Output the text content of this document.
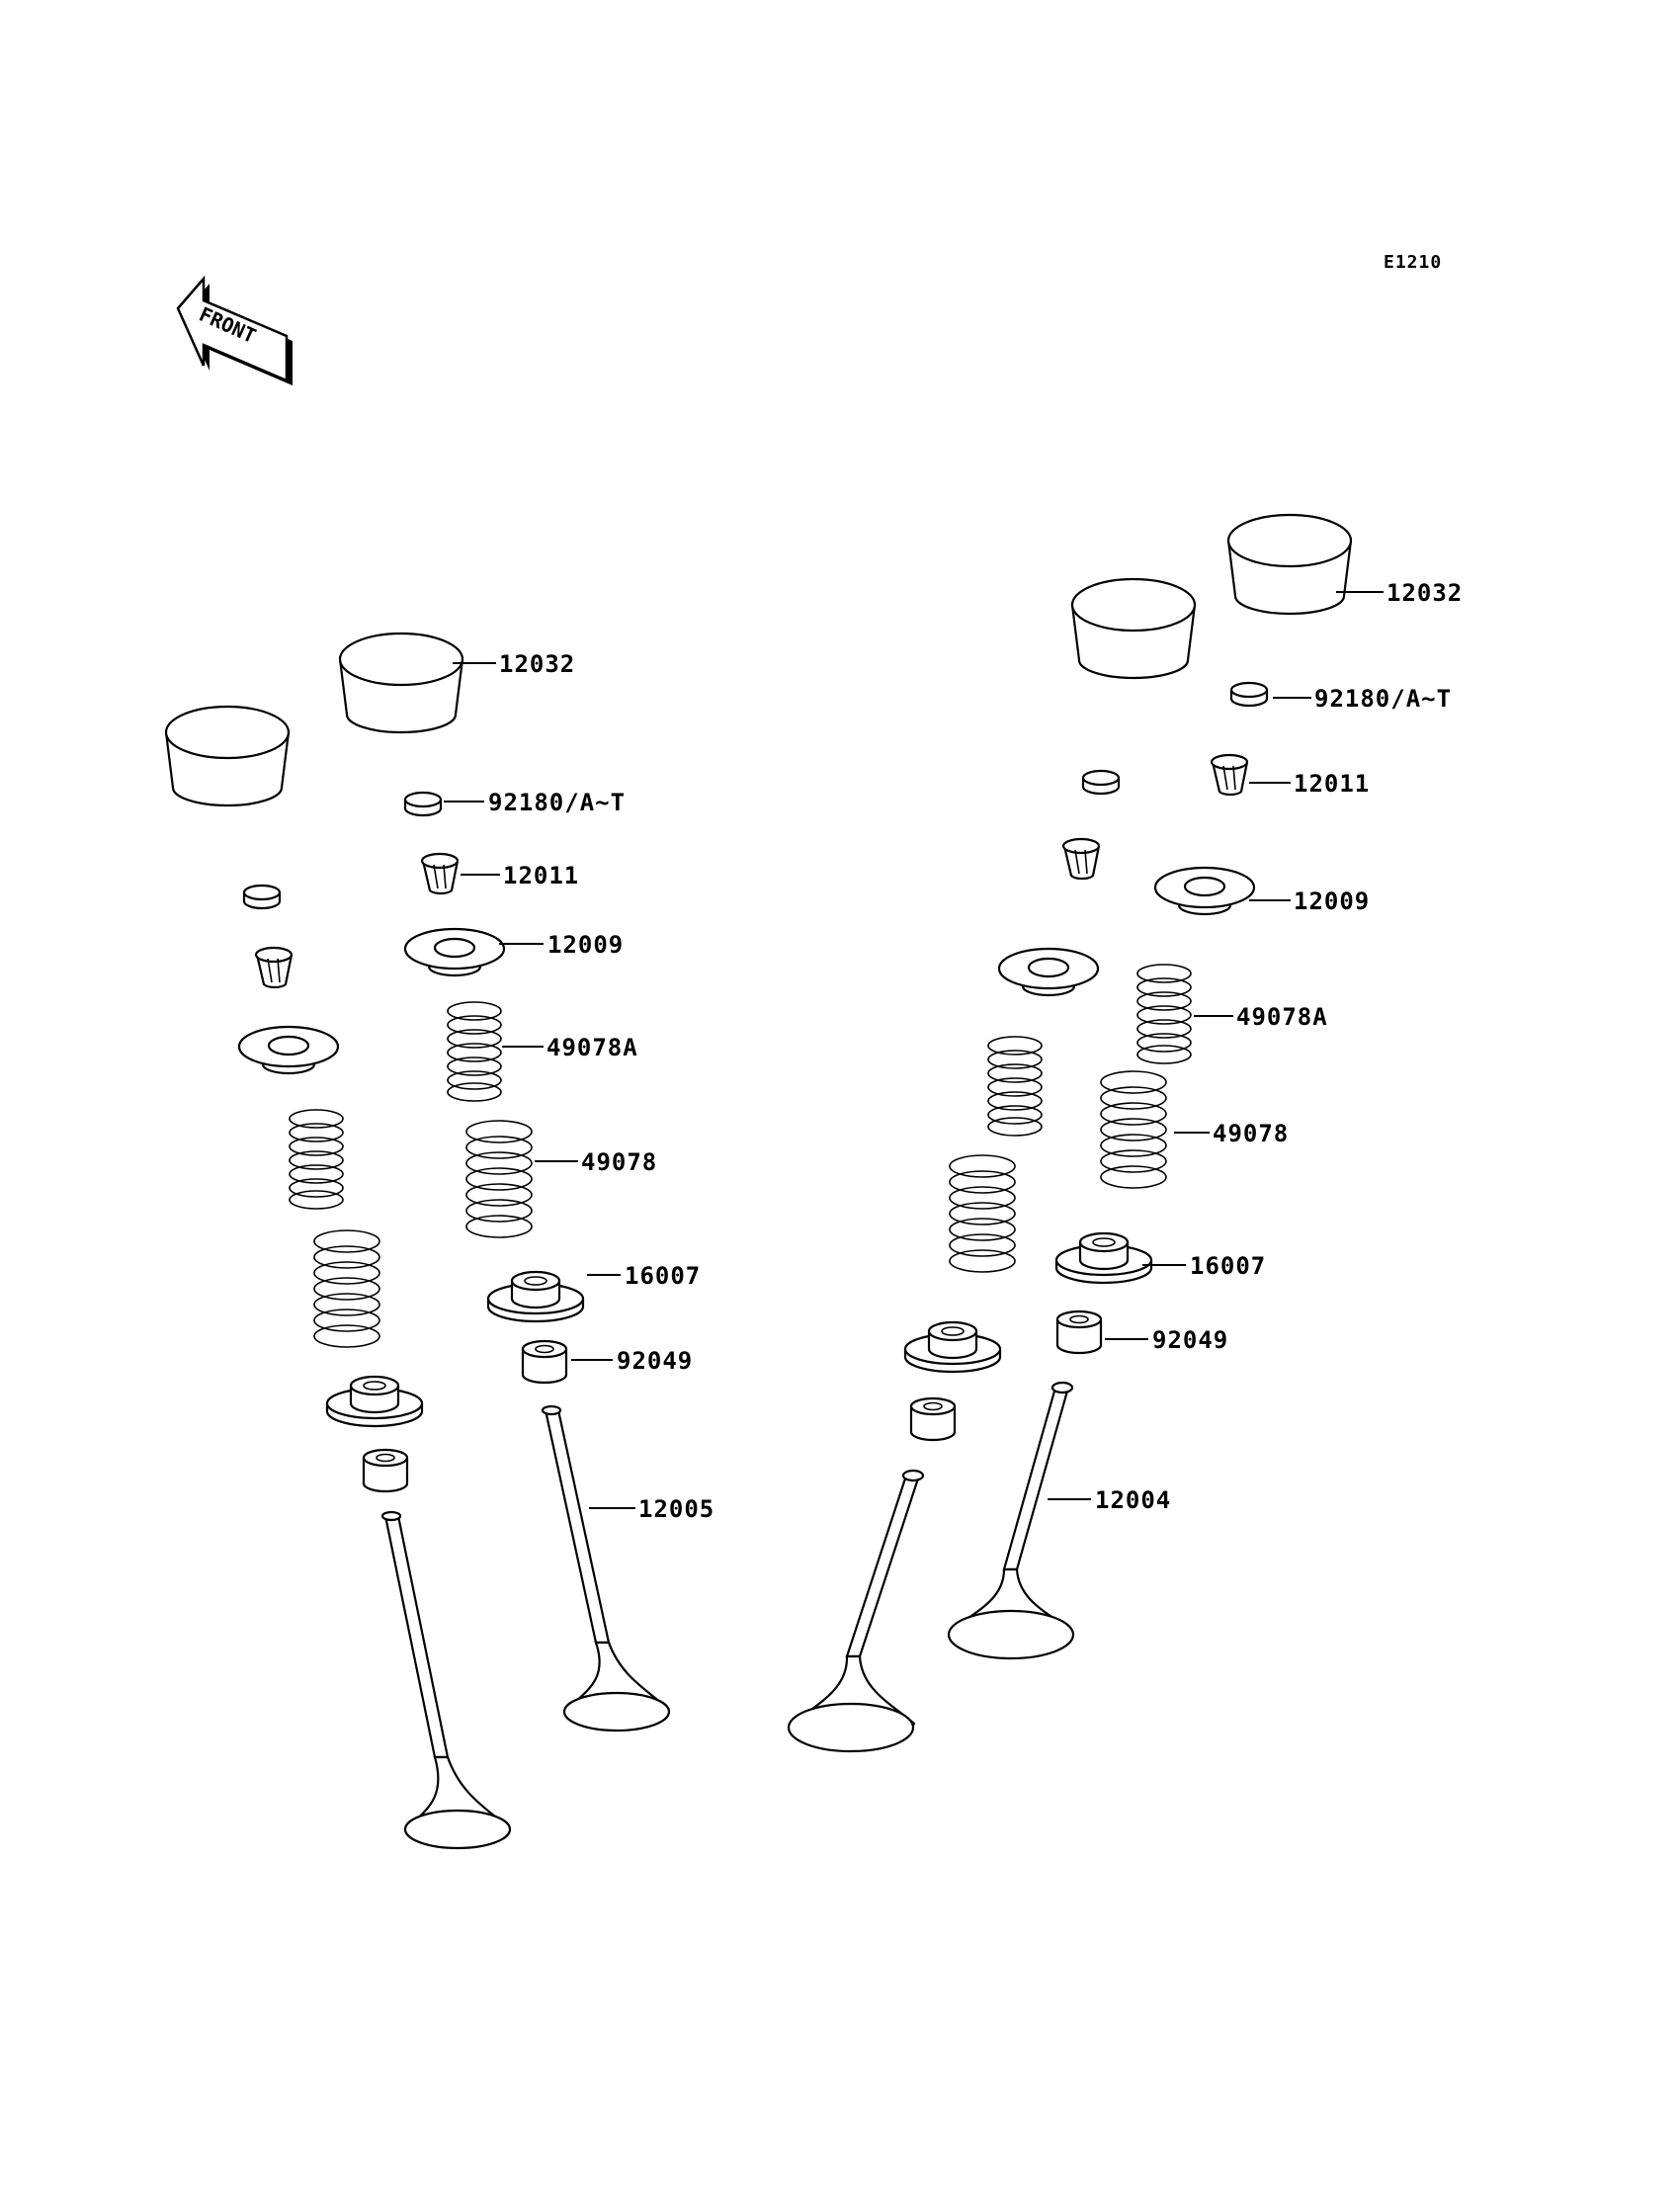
E1210
FRONT
12032
92180/A~T
12011
12009
49078A
49078
16007
92049
12005
12032
92180/A~T
12011
12009
49078A
49078
16007
92049
12004
